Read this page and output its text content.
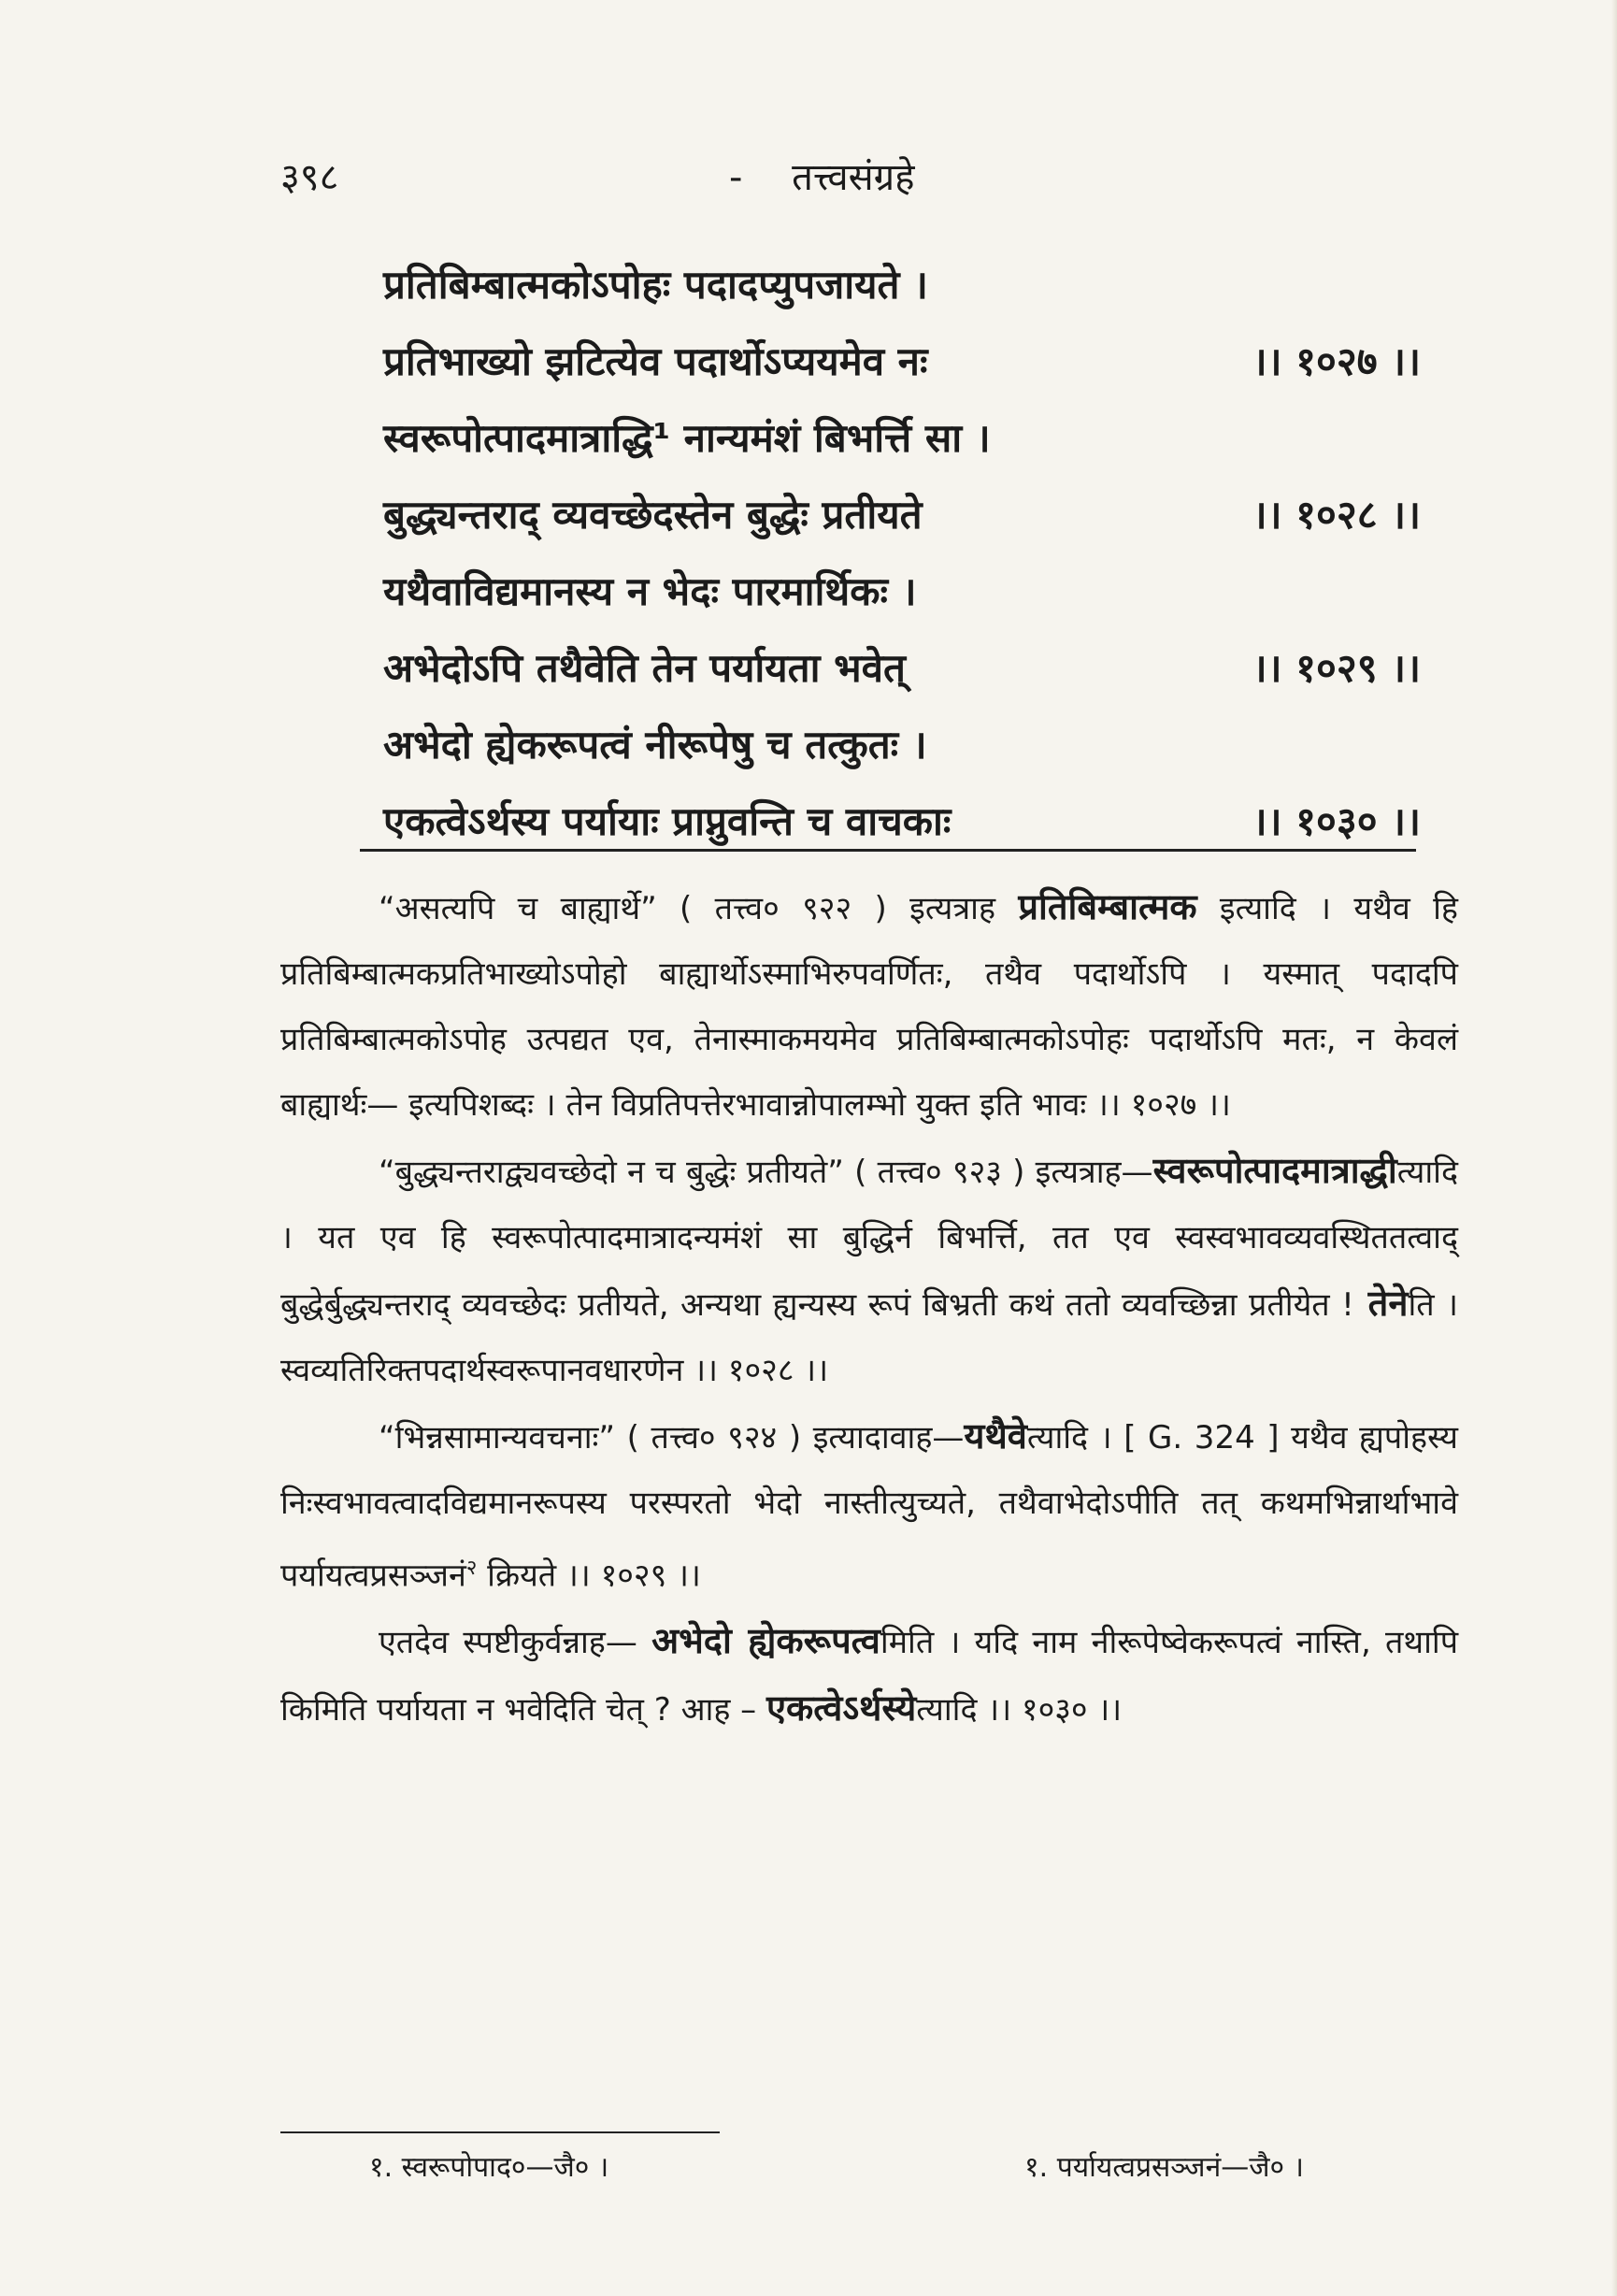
३९८	- तत्त्वसंग्रहे
प्रतिबिम्बात्मकोऽपोहः पदादप्युपजायते ।
प्रतिभाख्यो झटित्येव पदार्थोऽप्ययमेव नः	।। १०२७ ।।
स्वरूपोत्पादमात्राद्धि¹ नान्यमंशं बिभर्त्ति सा ।
बुद्ध्यन्तराद् व्यवच्छेदस्तेन बुद्धेः प्रतीयते	।। १०२८ ।।
यथैवाविद्यमानस्य न भेदः पारमार्थिकः ।
अभेदोऽपि तथैवेति तेन पर्यायता भवेत्	।। १०२९ ।।
अभेदो ह्येकरूपत्वं नीरूपेषु च तत्कुतः ।
एकत्वेऽर्थस्य पर्यायाः प्राप्नुवन्ति च वाचकाः	।। १०३० ।।

“असत्यपि च बाह्यार्थे” ( तत्त्व० ९२२ ) इत्यत्राह प्रतिबिम्बात्मक इत्यादि । यथैव हि प्रतिबिम्बात्मकप्रतिभाख्योऽपोहो बाह्यार्थोऽस्माभिरुपवर्णितः, तथैव पदार्थोऽपि । यस्मात् पदादपि प्रतिबिम्बात्मकोऽपोह उत्पद्यत एव, तेनास्माकमयमेव प्रतिबिम्बात्मकोऽपोहः पदार्थोऽपि मतः, न केवलं बाह्यार्थः— इत्यपिशब्दः । तेन विप्रतिपत्तेरभावान्नोपालम्भो युक्त इति भावः ।। १०२७ ।।

“बुद्ध्यन्तराद्व्यवच्छेदो न च बुद्धेः प्रतीयते” ( तत्त्व० ९२३ ) इत्यत्राह—स्वरूपोत्पादमात्राद्धीत्यादि । यत एव हि स्वरूपोत्पादमात्रादन्यमंशं सा बुद्धिर्न बिभर्त्ति, तत एव स्वस्वभावव्यवस्थिततत्वाद् बुद्धेर्बुद्ध्यन्तराद् व्यवच्छेदः प्रतीयते, अन्यथा ह्यन्यस्य रूपं बिभ्रती कथं ततो व्यवच्छिन्ना प्रतीयेत ! तेनेति । स्वव्यतिरिक्तपदार्थस्वरूपानवधारणेन ।। १०२८ ।।

“भिन्नसामान्यवचनाः” ( तत्त्व० ९२४ ) इत्यादावाह—यथैवेत्यादि । [ G. 324 ] यथैव ह्यपोहस्य निःस्वभावत्वादविद्यमानरूपस्य परस्परतो भेदो नास्तीत्युच्यते, तथैवाभेदोऽपीति तत् कथमभिन्नार्थाभावे पर्यायत्वप्रसञ्जनं$^२$ क्रियते ।। १०२९ ।।

एतदेव स्पष्टीकुर्वन्नाह— अभेदो ह्येकरूपत्वमिति । यदि नाम नीरूपेष्वेकरूपत्वं नास्ति, तथापि किमिति पर्यायता न भवेदिति चेत् ? आह – एकत्वेऽर्थस्येत्यादि ।। १०३० ।।

१. स्वरूपोपाद०—जै० ।	१. पर्यायत्वप्रसञ्जनं—जै० ।
